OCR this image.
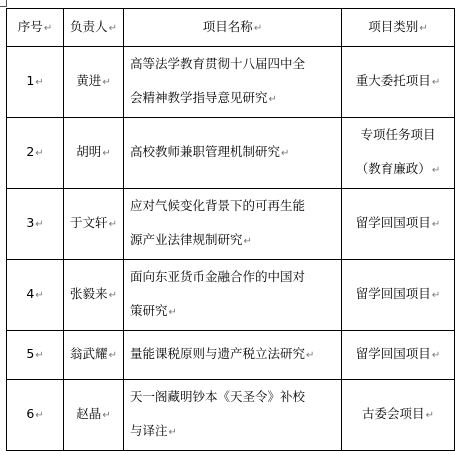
序号↵	负责人↵	项目名称↵	项目类别↵
1↵	黄进↵	高等法学教育贯彻十八届四中全
会精神教学指导意见研究↵	重大委托项目↵
2↵	胡明↵	高校教师兼职管理机制研究↵	专项任务项目
（教育廉政）↵

3↵	于文轩↵	应对气候变化背景下的可再生能
源产业法律规制研究↵	留学回国项目↵
4↵	张毅来↵	面向东亚货币金融合作的中国对
策研究↵	留学回国项目↵
5↵	翁武耀↵	量能课税原则与遗产税立法研究↵	留学回国项目↵
6↵	赵晶↵	天一阁藏明钞本《天圣令》补校
与译注↵	古委会项目↵
